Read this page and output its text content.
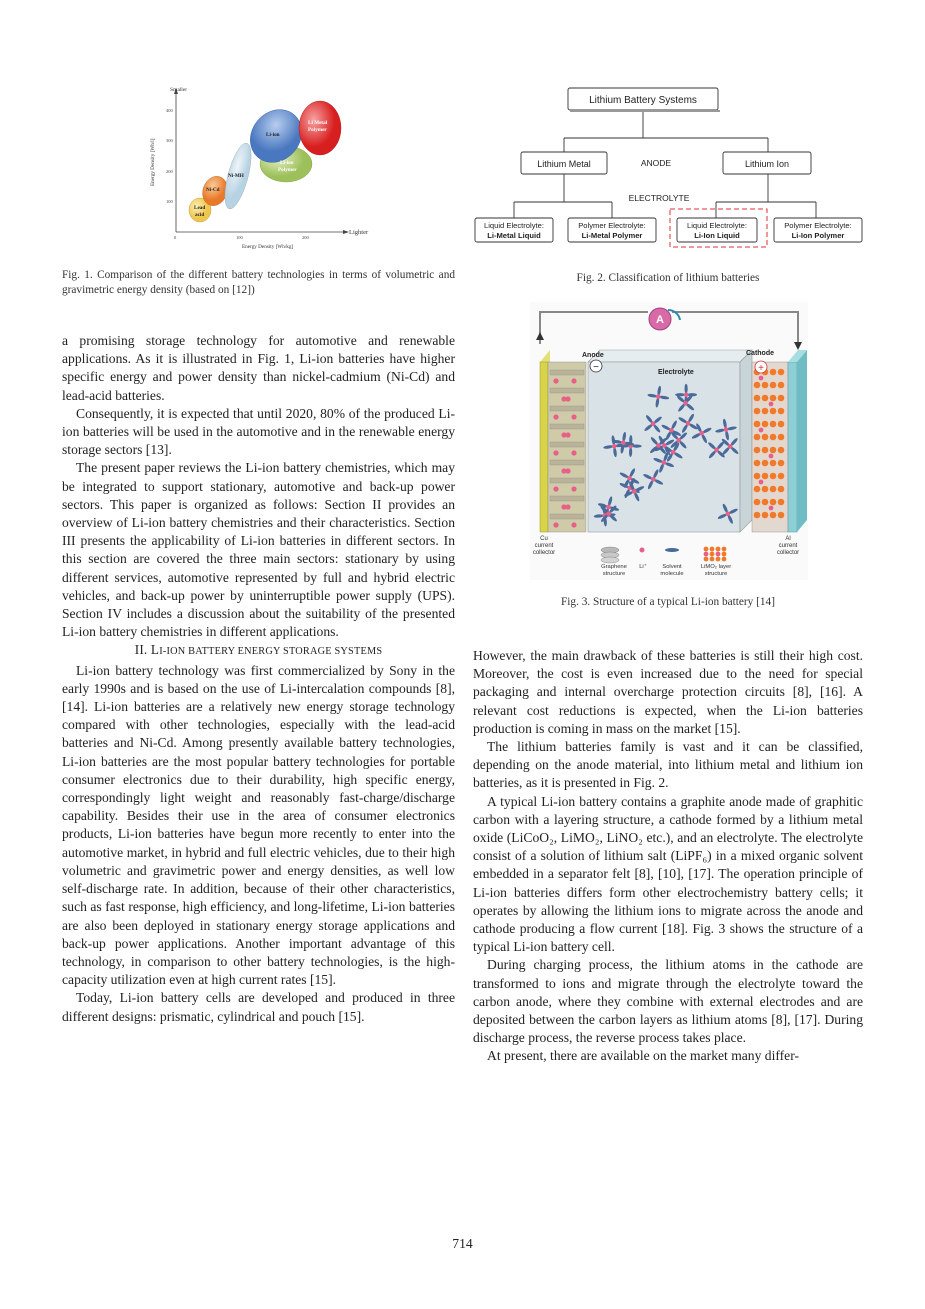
Smaller
Lighter
400
300
200
100
0	100	200
Energy Density [Wh/kg]
Energy Density [Wh/l]
Lead
acid
Ni-Cd
Ni-MH
Li-ion
Li-ion
Polymer
Li Metal
Polymer
Fig. 1. Comparison of the different battery technologies in terms of volumetric and gravimetric energy density (based on [12])
Lithium Battery Systems
Lithium Metal	Lithium Ion
ANODE
ELECTROLYTE
Liquid Electrolyte:
Li-Metal Liquid
Polymer Electrolyte:
Li-Metal Polymer
Liquid Electrolyte:
Li-Ion Liquid
Polymer Electrolyte:
Li-Ion Polymer
Fig. 2. Classification of lithium batteries
A
Anode	Cathode
Electrolyte
−	+
Cu
current
collector
Al
current
collector
Graphene
structure
Li⁺	Solvent
molecule
LiMO₂ layer
structure
Fig. 3. Structure of a typical Li-ion battery [14]

a promising storage technology for automotive and renewable applications. As it is illustrated in Fig. 1, Li-ion batteries have higher specific energy and power density than nickel-cadmium (Ni-Cd) and lead-acid batteries.

Consequently, it is expected that until 2020, 80% of the produced Li-ion batteries will be used in the automotive and in the renewable energy storage sectors [13].

The present paper reviews the Li-ion battery chemistries, which may be integrated to support stationary, automotive and back-up power sectors. This paper is organized as follows: Section II provides an overview of Li-ion battery chemistries and their characteristics. Section III presents the applicability of Li-ion batteries in different sectors. In this section are covered the three main sectors: stationary by using different services, automotive represented by full and hybrid electric vehicles, and back-up power by uninterruptible power supply (UPS). Section IV includes a discussion about the suitability of the presented Li-ion battery chemistries in different applications.

II. LI-ION BATTERY ENERGY STORAGE SYSTEMS

Li-ion battery technology was first commercialized by Sony in the early 1990s and is based on the use of Li-intercalation compounds [8], [14]. Li-ion batteries are a relatively new energy storage technology compared with other technologies, especially with the lead-acid batteries and Ni-Cd. Among presently available battery technologies, Li-ion batteries are the most popular battery technologies for portable consumer electronics due to their durability, high specific energy, correspondingly light weight and reasonably fast-charge/discharge capability. Besides their use in the area of consumer electronics products, Li-ion batteries have begun more recently to enter into the automotive market, in hybrid and full electric vehicles, due to their high volumetric and gravimetric power and energy densities, as well low self-discharge rate. In addition, because of their other characteristics, such as fast response, high efficiency, and long-lifetime, Li-ion batteries are also been deployed in stationary energy storage applications and back-up power applications. Another important advantage of this technology, in comparison to other battery technologies, is the high-capacity utilization even at high current rates [15].

Today, Li-ion battery cells are developed and produced in three different designs: prismatic, cylindrical and pouch [15].

However, the main drawback of these batteries is still their high cost. Moreover, the cost is even increased due to the need for special packaging and internal overcharge protection circuits [8], [16]. A relevant cost reductions is expected, when the Li-ion batteries production is coming in mass on the market [15].

The lithium batteries family is vast and it can be classified, depending on the anode material, into lithium metal and lithium ion batteries, as it is presented in Fig. 2.

A typical Li-ion battery contains a graphite anode made of graphitic carbon with a layering structure, a cathode formed by a lithium metal oxide (LiCoO₂, LiMO₂, LiNO₂ etc.), and an electrolyte. The electrolyte consist of a solution of lithium salt (LiPF₆) in a mixed organic solvent embedded in a separator felt [8], [10], [17]. The operation principle of Li-ion batteries differs form other electrochemistry battery cells; it operates by allowing the lithium ions to migrate across the anode and cathode producing a flow current [18]. Fig. 3 shows the structure of a typical Li-ion battery cell.

During charging process, the lithium atoms in the cathode are transformed to ions and migrate through the electrolyte toward the carbon anode, where they combine with external electrodes and are deposited between the carbon layers as lithium atoms [8], [17]. During discharge process, the reverse process takes place.

At present, there are available on the market many differ-

714
